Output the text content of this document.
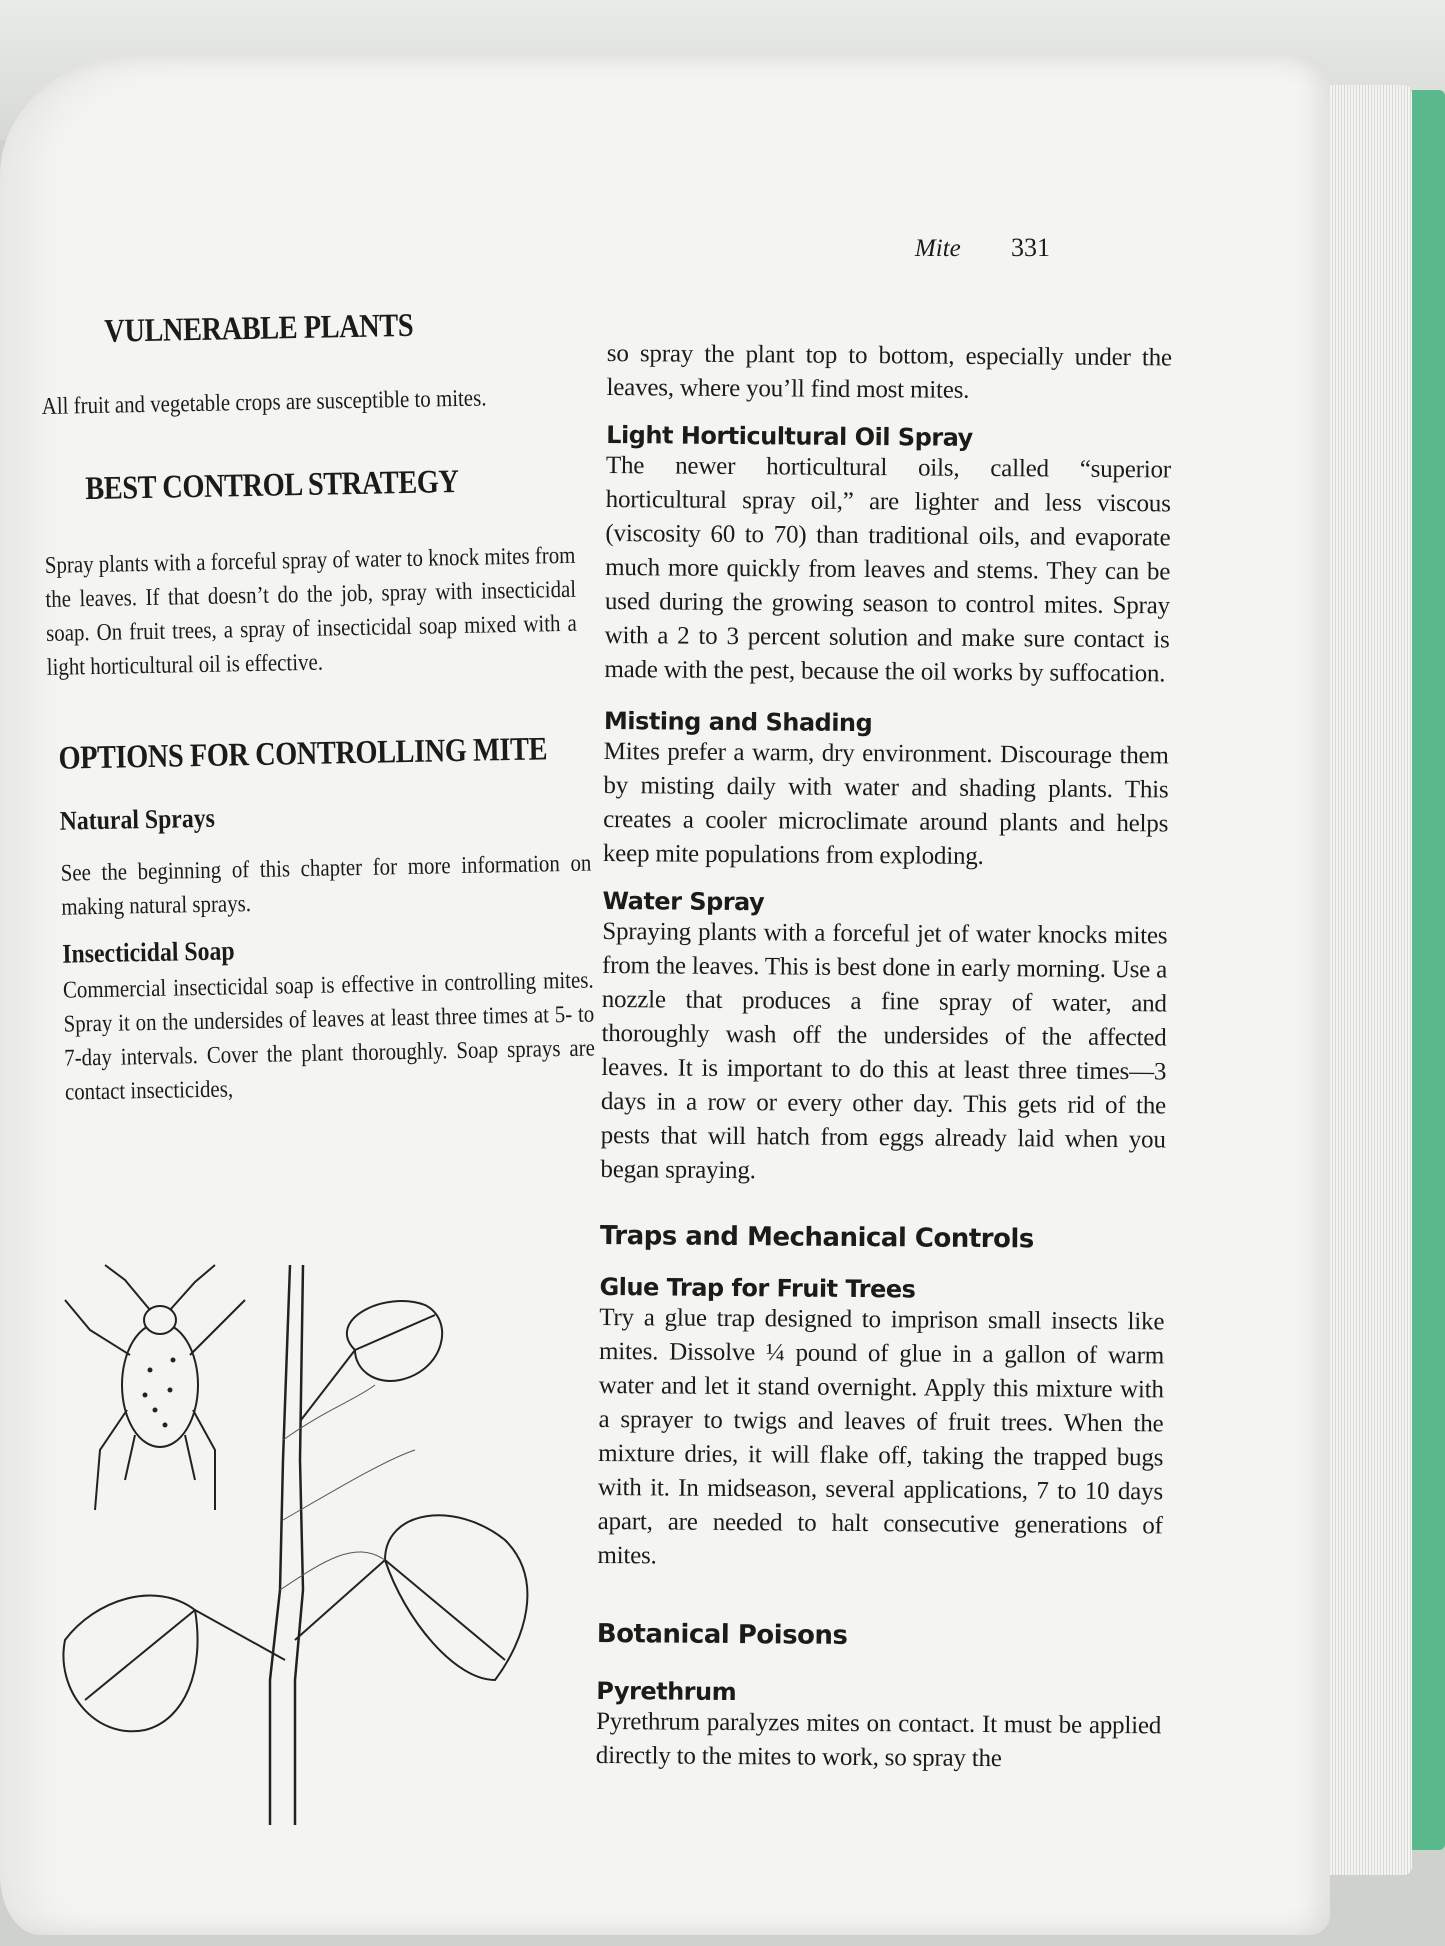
Mite 331
VULNERABLE PLANTS

All fruit and vegetable crops are susceptible to mites.

BEST CONTROL STRATEGY

Spray plants with a forceful spray of water to knock mites from the leaves. If that doesn’t do the job, spray with insecticidal soap. On fruit trees, a spray of insecticidal soap mixed with a light horticultural oil is effective.

OPTIONS FOR CONTROLLING MITE

Natural Sprays

See the beginning of this chapter for more information on making natural sprays.

Insecticidal Soap

Commercial insecticidal soap is effective in controlling mites. Spray it on the undersides of leaves at least three times at 5- to 7-day intervals. Cover the plant thoroughly. Soap sprays are contact insecticides,

so spray the plant top to bottom, especially under the leaves, where you’ll find most mites.

Light Horticultural Oil Spray

The newer horticultural oils, called “superior horticultural spray oil,” are lighter and less viscous (viscosity 60 to 70) than traditional oils, and evaporate much more quickly from leaves and stems. They can be used during the growing season to control mites. Spray with a 2 to 3 percent solution and make sure contact is made with the pest, because the oil works by suffocation.

Misting and Shading

Mites prefer a warm, dry environment. Discourage them by misting daily with water and shading plants. This creates a cooler microclimate around plants and helps keep mite populations from exploding.

Water Spray

Spraying plants with a forceful jet of water knocks mites from the leaves. This is best done in early morning. Use a nozzle that produces a fine spray of water, and thoroughly wash off the undersides of the affected leaves. It is important to do this at least three times—3 days in a row or every other day. This gets rid of the pests that will hatch from eggs already laid when you began spraying.

Traps and Mechanical Controls

Glue Trap for Fruit Trees

Try a glue trap designed to imprison small insects like mites. Dissolve ¼ pound of glue in a gallon of warm water and let it stand overnight. Apply this mixture with a sprayer to twigs and leaves of fruit trees. When the mixture dries, it will flake off, taking the trapped bugs with it. In midseason, several applications, 7 to 10 days apart, are needed to halt consecutive generations of mites.

Botanical Poisons

Pyrethrum

Pyrethrum paralyzes mites on contact. It must be applied directly to the mites to work, so spray the
